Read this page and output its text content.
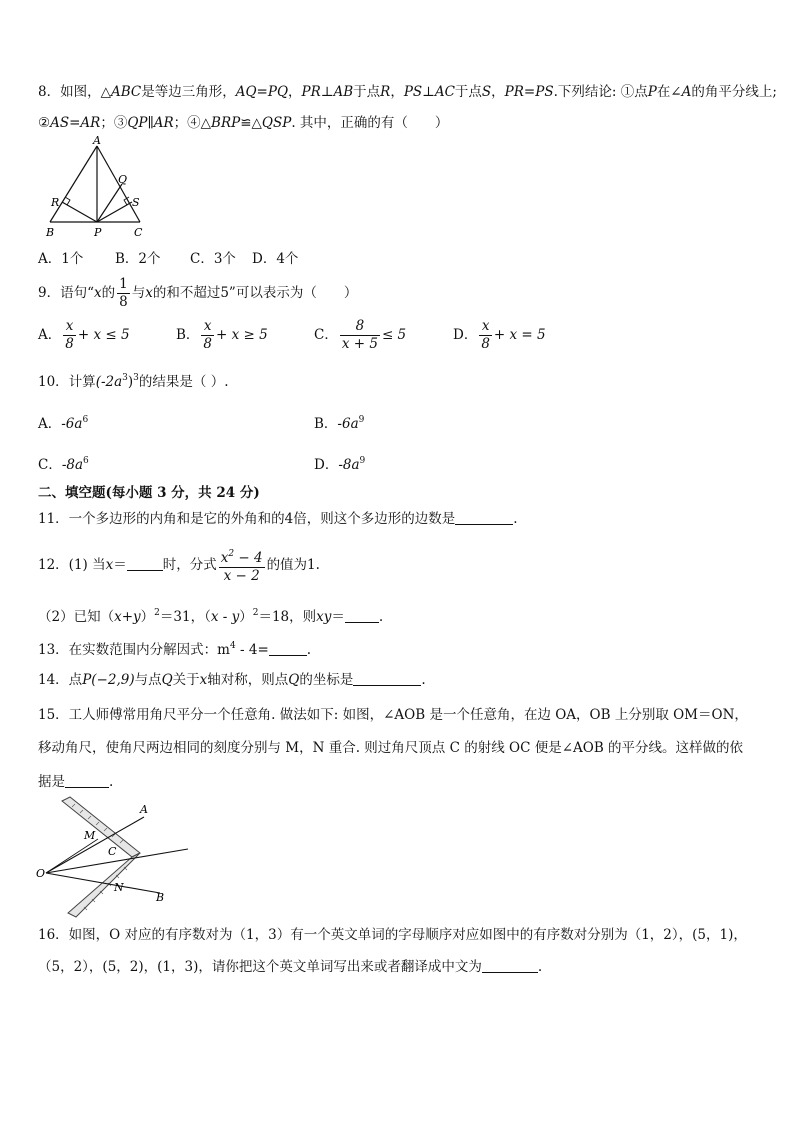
8．如图，△ABC是等边三角形，AQ=PQ，PR⊥AB于点R，PS⊥AC于点S，PR=PS.下列结论: ①点P在∠A的角平分线上;
②AS=AR；③QP∥AR；④△BRP≌△QSP. 其中，正确的有（　　）
A
Q
R	S
B	P	C
A．1个 B．2个 C．3个 D．4个
9．语句“x的 $\frac{1}{8}$ 与x的和不超过5”可以表示为（　　）
A． $\frac{x}{8} + x \le 5$	B． $\frac{x}{8} + x \ge 5$	C． $\frac{8}{x + 5} \le 5$	D． $\frac{x}{8} + x = 5$
10．计算$(-2a^3)^3$的结果是（ ）.
A．$-6a^6$	B．$-6a^9$
C．$-8a^6$	D．$-8a^9$
二、填空题(每小题 3 分，共 24 分)
11．一个多边形的内角和是它的外角和的4倍，则这个多边形的边数是	.
12．(1) 当x＝	时，分式 $\frac{x^2 - 4}{x - 2}$ 的值为1.
（2）已知$(x+y)^2=31$，（x - y）$^2$＝18，则xy＝	.
13．在实数范围内分解因式：$m^4 - 4=$	.
14．点P(−2,9)与点Q关于x轴对称，则点Q的坐标是	.
15．工人师傅常用角尺平分一个任意角. 做法如下: 如图，∠AOB 是一个任意角，在边 OA，OB 上分别取 OM＝ON，
移动角尺，使角尺两边相同的刻度分别与 M，N 重合. 则过角尺顶点 C 的射线 OC 便是∠AOB 的平分线。这样做的依
据是	.
A
M
C
O
N
B
16．如图，O 对应的有序数对为（1，3）有一个英文单词的字母顺序对应如图中的有序数对分别为（1，2），(5，1)，
（5，2），(5，2)，(1，3)，请你把这个英文单词写出来或者翻译成中文为	.
